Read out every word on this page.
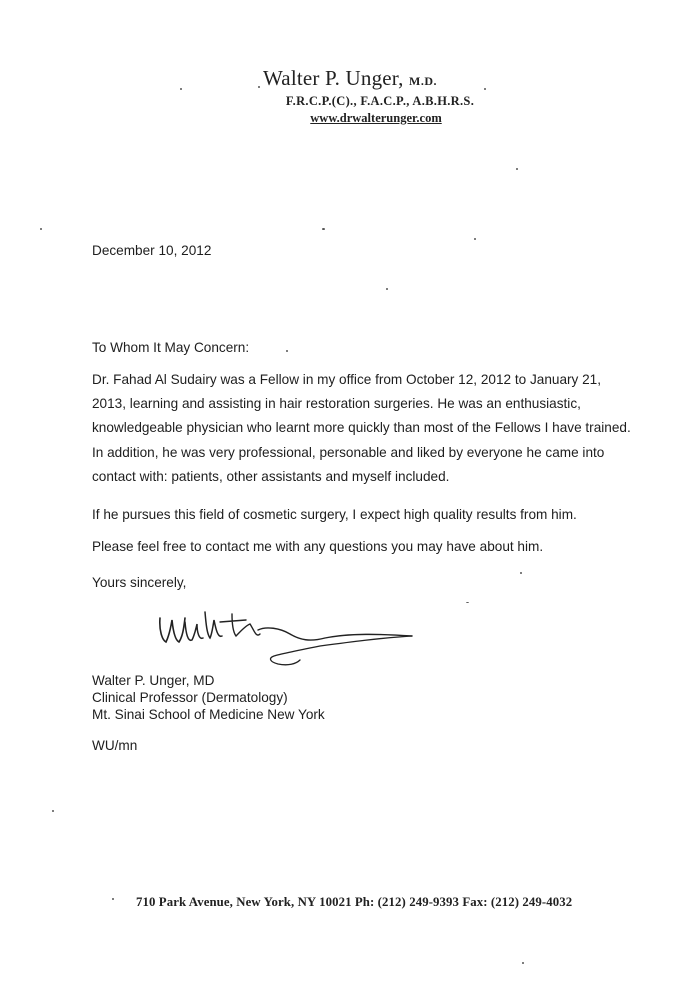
Walter P. Unger, M.D.
F.R.C.P.(C)., F.A.C.P., A.B.H.R.S.
www.drwalterunger.com
December 10, 2012
To Whom It May Concern:
Dr. Fahad Al Sudairy was a Fellow in my office from October 12, 2012 to January 21, 2013, learning and assisting in hair restoration surgeries. He was an enthusiastic, knowledgeable physician who learnt more quickly than most of the Fellows I have trained. In addition, he was very professional, personable and liked by everyone he came into contact with: patients, other assistants and myself included.
If he pursues this field of cosmetic surgery, I expect high quality results from him.
Please feel free to contact me with any questions you may have about him.
Yours sincerely,
Walter P. Unger, MD
Clinical Professor (Dermatology)
Mt. Sinai School of Medicine New York
WU/mn
710 Park Avenue, New York, NY 10021 Ph: (212) 249-9393 Fax: (212) 249-4032
